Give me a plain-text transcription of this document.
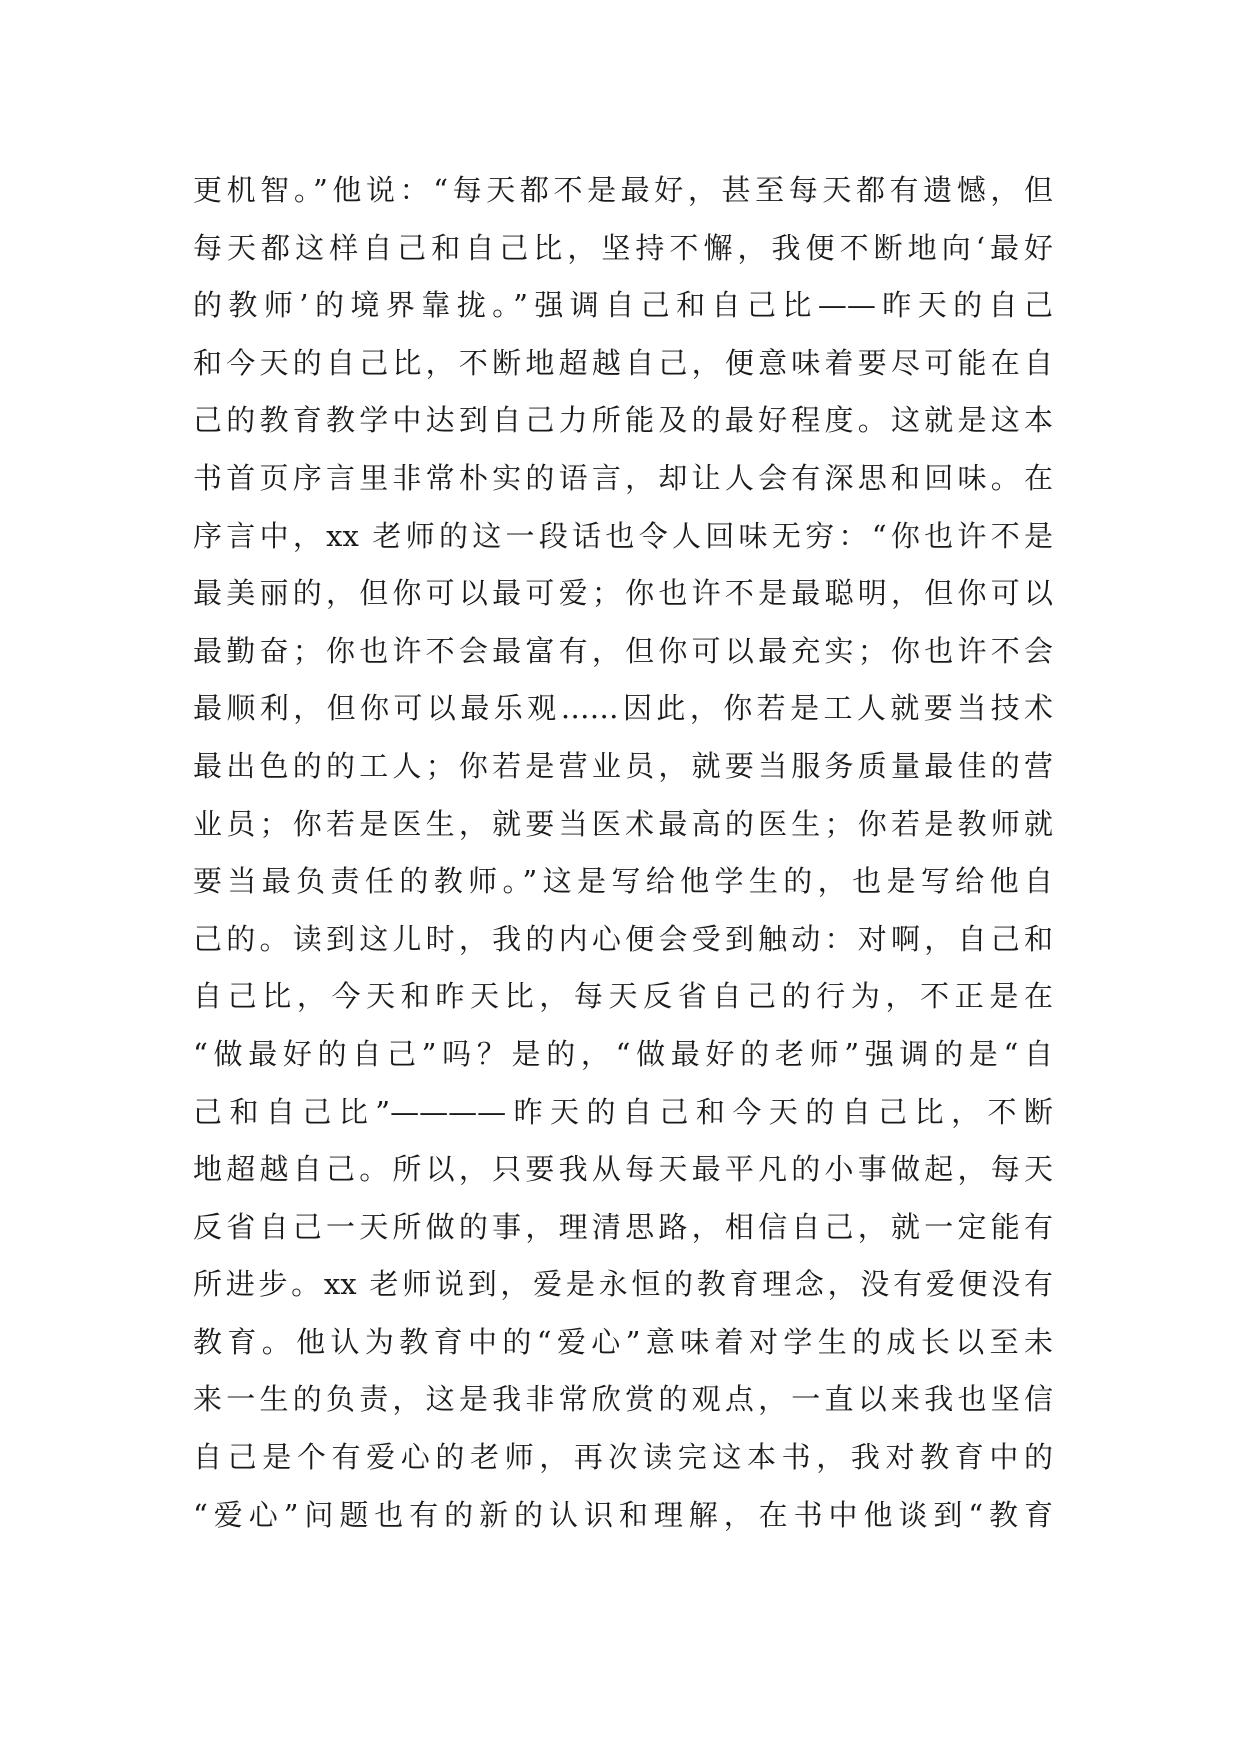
更机智。”他说：“每天都不是最好，甚至每天都有遗憾，但
每天都这样自己和自己比，坚持不懈，我便不断地向‘最好
的教师’的境界靠拢。”强调自己和自己比——昨天的自己
和今天的自己比，不断地超越自己，便意味着要尽可能在自
己的教育教学中达到自己力所能及的最好程度。这就是这本
书首页序言里非常朴实的语言，却让人会有深思和回味。在
序言中，xx 老师的这一段话也令人回味无穷：“你也许不是
最美丽的，但你可以最可爱；你也许不是最聪明，但你可以
最勤奋；你也许不会最富有，但你可以最充实；你也许不会
最顺利，但你可以最乐观……因此，你若是工人就要当技术
最出色的的工人；你若是营业员，就要当服务质量最佳的营
业员；你若是医生，就要当医术最高的医生；你若是教师就
要当最负责任的教师。”这是写给他学生的，也是写给他自
己的。读到这儿时，我的内心便会受到触动：对啊，自己和
自己比，今天和昨天比，每天反省自己的行为，不正是在
“做最好的自己”吗？是的，“做最好的老师”强调的是“自
己和自己比”————昨天的自己和今天的自己比，不断
地超越自己。所以，只要我从每天最平凡的小事做起，每天
反省自己一天所做的事，理清思路，相信自己，就一定能有
所进步。xx 老师说到，爱是永恒的教育理念，没有爱便没有
教育。他认为教育中的“爱心”意味着对学生的成长以至未
来一生的负责，这是我非常欣赏的观点，一直以来我也坚信
自己是个有爱心的老师，再次读完这本书，我对教育中的
“爱心”问题也有的新的认识和理解，在书中他谈到“教育
